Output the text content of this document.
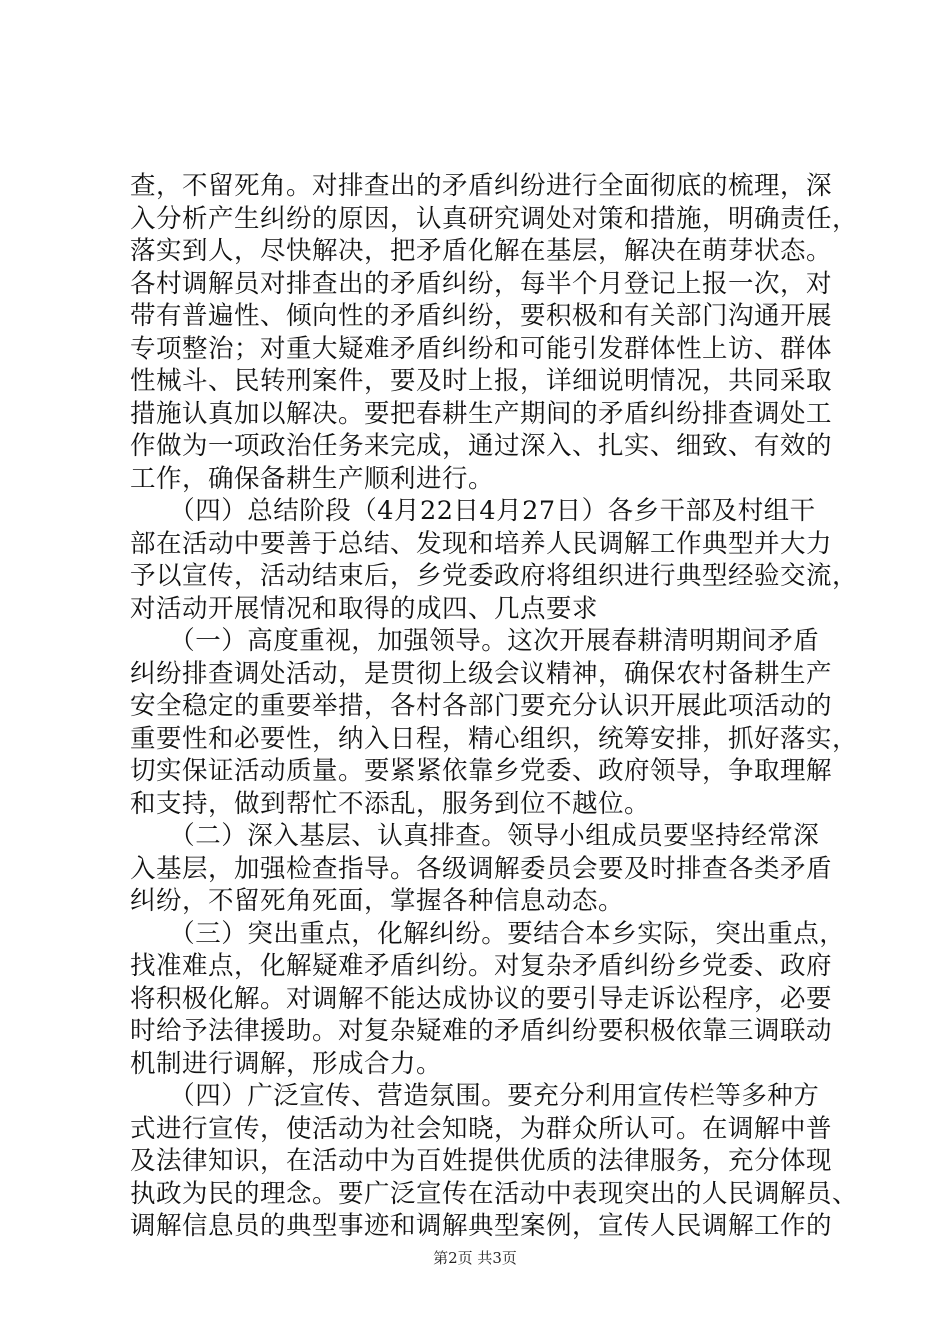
查，不留死角。对排查出的矛盾纠纷进行全面彻底的梳理，深
入分析产生纠纷的原因，认真研究调处对策和措施，明确责任，
落实到人，尽快解决，把矛盾化解在基层，解决在萌芽状态。
各村调解员对排查出的矛盾纠纷，每半个月登记上报一次，对
带有普遍性、倾向性的矛盾纠纷，要积极和有关部门沟通开展
专项整治；对重大疑难矛盾纠纷和可能引发群体性上访、群体
性械斗、民转刑案件，要及时上报，详细说明情况，共同采取
措施认真加以解决。要把春耕生产期间的矛盾纠纷排查调处工
作做为一项政治任务来完成，通过深入、扎实、细致、有效的
工作，确保备耕生产顺利进行。
　　（四）总结阶段（4月22日4月27日）各乡干部及村组干
部在活动中要善于总结、发现和培养人民调解工作典型并大力
予以宣传，活动结束后，乡党委政府将组织进行典型经验交流，
对活动开展情况和取得的成四、几点要求
　　（一）高度重视，加强领导。这次开展春耕清明期间矛盾
纠纷排查调处活动，是贯彻上级会议精神，确保农村备耕生产
安全稳定的重要举措，各村各部门要充分认识开展此项活动的
重要性和必要性，纳入日程，精心组织，统筹安排，抓好落实，
切实保证活动质量。要紧紧依靠乡党委、政府领导，争取理解
和支持，做到帮忙不添乱，服务到位不越位。
　　（二）深入基层、认真排查。领导小组成员要坚持经常深
入基层，加强检查指导。各级调解委员会要及时排查各类矛盾
纠纷，不留死角死面，掌握各种信息动态。
　　（三）突出重点，化解纠纷。要结合本乡实际，突出重点，
找准难点，化解疑难矛盾纠纷。对复杂矛盾纠纷乡党委、政府
将积极化解。对调解不能达成协议的要引导走诉讼程序，必要
时给予法律援助。对复杂疑难的矛盾纠纷要积极依靠三调联动
机制进行调解，形成合力。
　　（四）广泛宣传、营造氛围。要充分利用宣传栏等多种方
式进行宣传，使活动为社会知晓，为群众所认可。在调解中普
及法律知识，在活动中为百姓提供优质的法律服务，充分体现
执政为民的理念。要广泛宣传在活动中表现突出的人民调解员、
调解信息员的典型事迹和调解典型案例，宣传人民调解工作的
第2页 共3页
